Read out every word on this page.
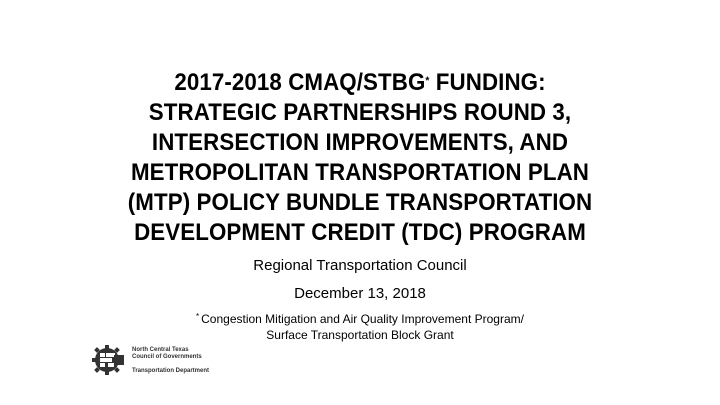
2017-2018 CMAQ/STBG* FUNDING:
STRATEGIC PARTNERSHIPS ROUND 3,
INTERSECTION IMPROVEMENTS, AND
METROPOLITAN TRANSPORTATION PLAN
(MTP) POLICY BUNDLE TRANSPORTATION
DEVELOPMENT CREDIT (TDC) PROGRAM
Regional Transportation Council
December 13, 2018
* Congestion Mitigation and Air Quality Improvement Program/
Surface Transportation Block Grant
North Central Texas
Council of Governments
Transportation Department
